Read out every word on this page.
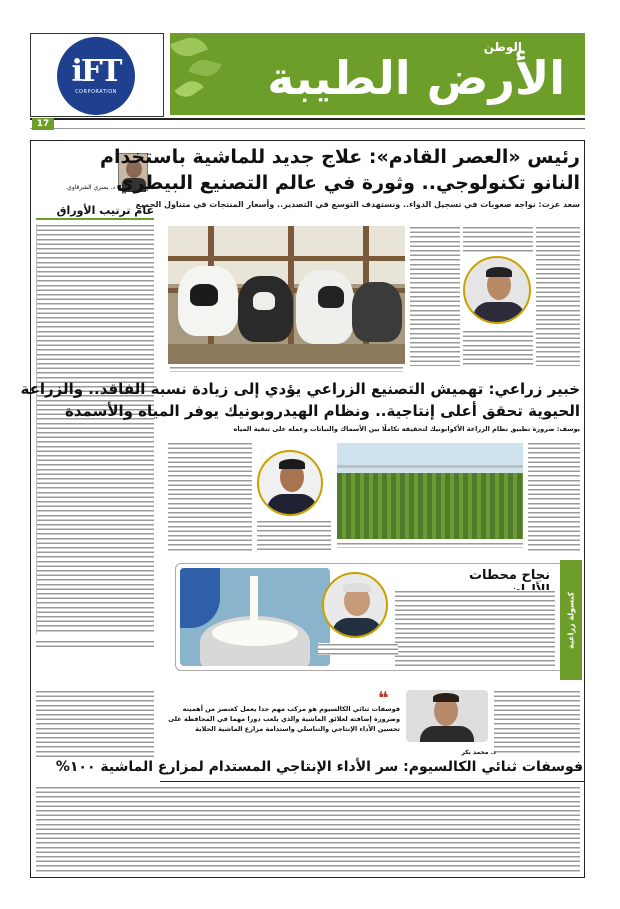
iFT
CORPORATION
الوطن
الأرض الطيبة
17
د. يسري الشرقاوي
عام ترتيب الأوراق
رئيس «العصر القادم»: علاج جديد للماشية باستخدام
النانو تكنولوجي.. وثورة في عالم التصنيع البيطري
سعد عزت: نواجه صعوبات في تسجيل الدواء.. ونستهدف التوسع في التصدير.. وأسعار المنتجات في متناول الجميع
خبير زراعي: تهميش التصنيع الزراعي يؤدي إلى زيادة نسبة الفاقد.. والزراعة
الحيوية تحقق أعلى إنتاجية.. ونظام الهيدروبونيك يوفر المياه والأسمدة
يوسف: ضرورة تطبيق نظام الزراعة الأكوابونيك لتحقيقه تكاملًا بين الأسماك والنباتات وعمله على تنقية المياه
كبسولة زراعية
نجاح محطات
❝
فوسفات ثنائي الكالسيوم هو مركب مهم جدا يعمل كعنصر من أهميته وضرورة إضافته لعلائق الماشية والذي يلعب دورا مهما في المحافظة على تحسين الأداء الإنتاجي والتناسلي واستدامة مزارع الماشية الحلابة
د. محمد بكر
فوسفات ثنائي الكالسيوم: سر الأداء الإنتاجي المستدام لمزارع الماشية ١٠٠%
